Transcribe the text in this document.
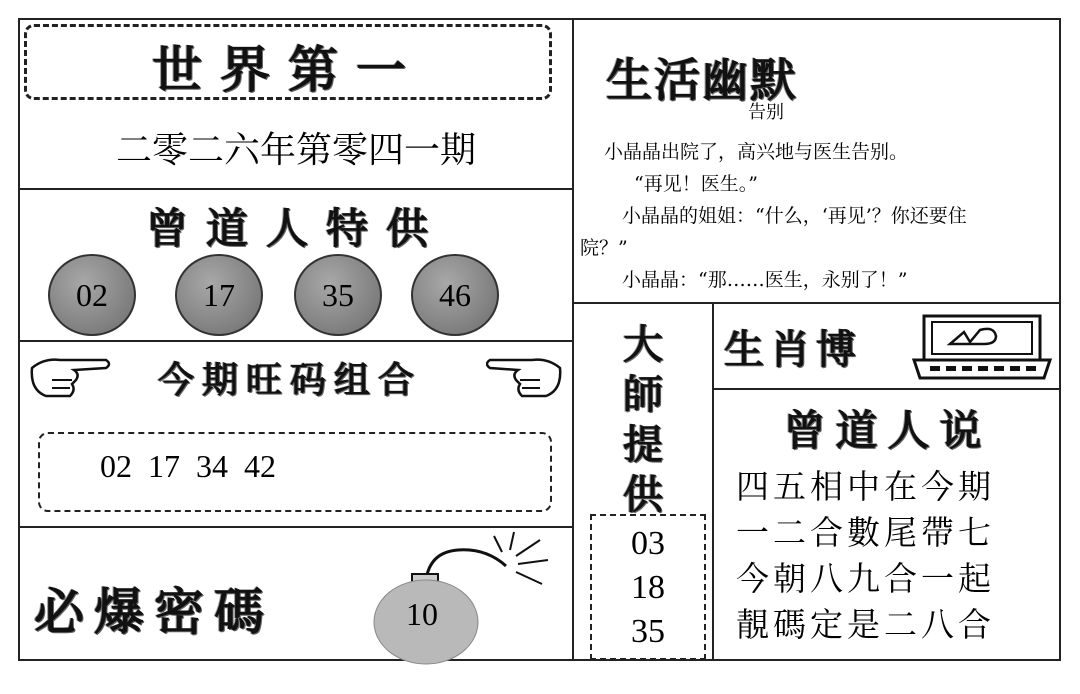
世界第一
二零二六年第零四一期
曾道人特供
02	17	35	46
今期旺码组合
02  17  34  42
必爆密碼	10
生活幽默
告别
小晶晶出院了，高兴地与医生告别。
“再见！医生。”
小晶晶的姐姐：“什么，‘再见’？你还要住
院？”
小晶晶：“那……医生，永别了！”
大
師
提
供
03
18
35
生肖博
曾道人说
四五相中在今期
一二合數尾帶七
今朝八九合一起
靚碼定是二八合
